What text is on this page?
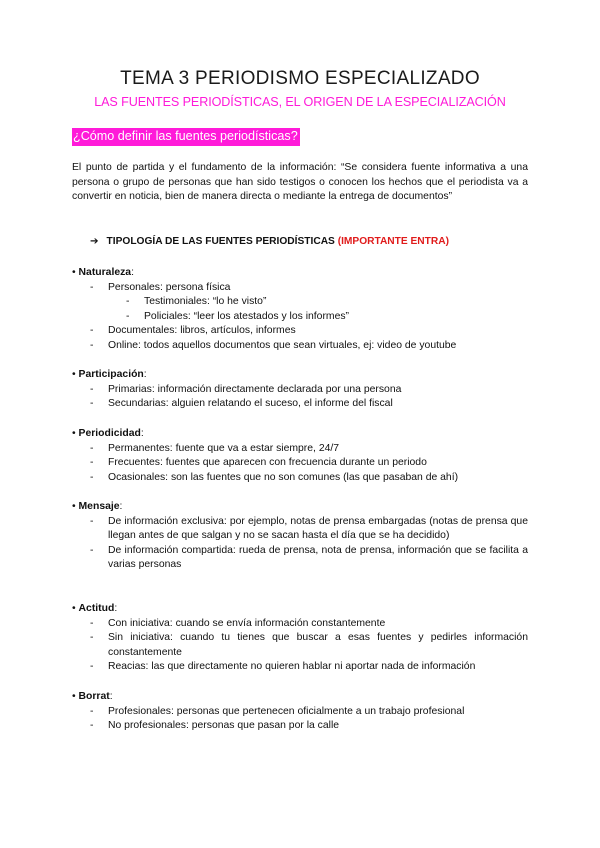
TEMA 3 PERIODISMO ESPECIALIZADO
LAS FUENTES PERIODÍSTICAS, EL ORIGEN DE LA ESPECIALIZACIÓN
¿Cómo definir las fuentes periodísticas?
El punto de partida y el fundamento de la información: “Se considera fuente informativa a una persona o grupo de personas que han sido testigos o conocen los hechos que el periodista va a convertir en noticia, bien de manera directa o mediante la entrega de documentos”
➔ TIPOLOGÍA DE LAS FUENTES PERIODÍSTICAS (IMPORTANTE ENTRA)
• Naturaleza:
- Personales: persona física
- Testimoniales: “lo he visto”
- Policiales: “leer los atestados y los informes”
- Documentales: libros, artículos, informes
- Online: todos aquellos documentos que sean virtuales, ej: video de youtube
• Participación:
- Primarias: información directamente declarada por una persona
- Secundarias: alguien relatando el suceso, el informe del fiscal
• Periodicidad:
- Permanentes: fuente que va a estar siempre, 24/7
- Frecuentes: fuentes que aparecen con frecuencia durante un periodo
- Ocasionales: son las fuentes que no son comunes (las que pasaban de ahí)
• Mensaje:
- De información exclusiva: por ejemplo, notas de prensa embargadas (notas de prensa que llegan antes de que salgan y no se sacan hasta el día que se ha decidido)
- De información compartida: rueda de prensa, nota de prensa, información que se facilita a varias personas
• Actitud:
- Con iniciativa: cuando se envía información constantemente
- Sin iniciativa: cuando tu tienes que buscar a esas fuentes y pedirles información constantemente
- Reacias: las que directamente no quieren hablar ni aportar nada de información
• Borrat:
- Profesionales: personas que pertenecen oficialmente a un trabajo profesional
- No profesionales: personas que pasan por la calle
